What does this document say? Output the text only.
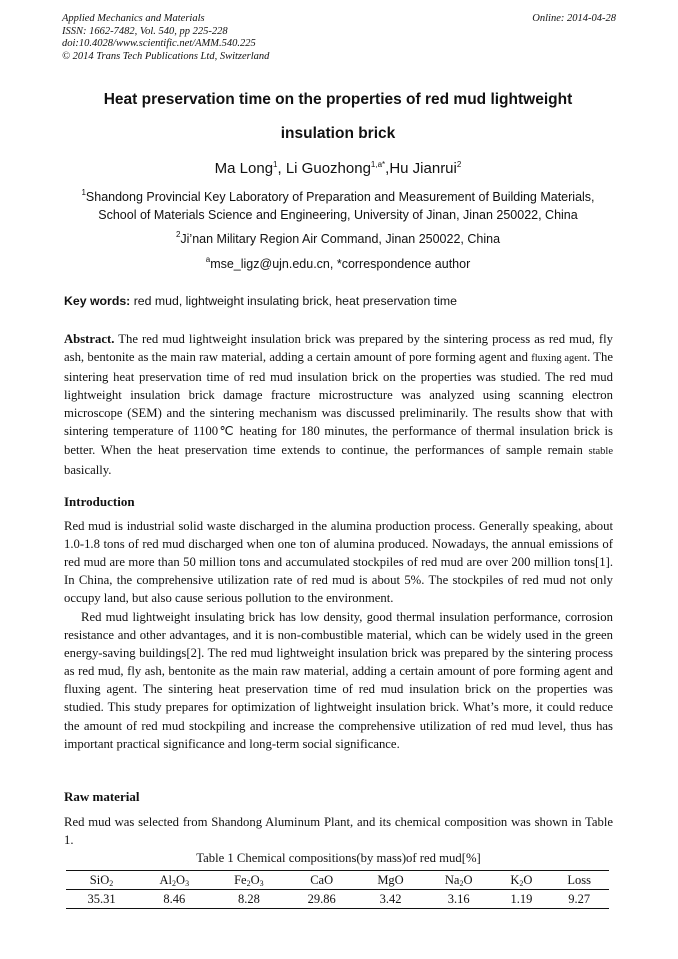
Applied Mechanics and Materials
ISSN: 1662-7482, Vol. 540, pp 225-228
doi:10.4028/www.scientific.net/AMM.540.225
© 2014 Trans Tech Publications Ltd, Switzerland
Online: 2014-04-28
Heat preservation time on the properties of red mud lightweight
insulation brick
Ma Long$^1$, Li Guozhong$^{1,a*}$,Hu Jianrui$^2$
$^1$Shandong Provincial Key Laboratory of Preparation and Measurement of Building Materials,
School of Materials Science and Engineering, University of Jinan, Jinan 250022, China
$^2$Ji’nan Military Region Air Command, Jinan 250022, China
$^a$mse_ligz@ujn.edu.cn, *correspondence author
Key words: red mud, lightweight insulating brick, heat preservation time

Abstract. The red mud lightweight insulation brick was prepared by the sintering process as red mud, fly ash, bentonite as the main raw material, adding a certain amount of pore forming agent and fluxing agent. The sintering heat preservation time of red mud insulation brick on the properties was studied. The red mud lightweight insulation brick damage fracture microstructure was analyzed using scanning electron microscope (SEM) and the sintering mechanism was discussed preliminarily. The results show that with sintering temperature of 1100℃ heating for 180 minutes, the performance of thermal insulation brick is better. When the heat preservation time extends to continue, the performances of sample remain stable basically.

Introduction

Red mud is industrial solid waste discharged in the alumina production process. Generally speaking, about 1.0-1.8 tons of red mud discharged when one ton of alumina produced. Nowadays, the annual emissions of red mud are more than 50 million tons and accumulated stockpiles of red mud are over 200 million tons[1]. In China, the comprehensive utilization rate of red mud is about 5%. The stockpiles of red mud not only occupy land, but also cause serious pollution to the environment.

Red mud lightweight insulating brick has low density, good thermal insulation performance, corrosion resistance and other advantages, and it is non-combustible material, which can be widely used in the green energy-saving buildings[2]. The red mud lightweight insulation brick was prepared by the sintering process as red mud, fly ash, bentonite as the main raw material, adding a certain amount of pore forming agent and fluxing agent. The sintering heat preservation time of red mud insulation brick on the properties was studied. This study prepares for optimization of lightweight insulation brick. What’s more, it could reduce the amount of red mud stockpiling and increase the comprehensive utilization of red mud level, thus has important practical significance and long-term social significance.

Raw material

Red mud was selected from Shandong Aluminum Plant, and its chemical composition was shown in Table 1.

Table 1 Chemical compositions(by mass)of red mud[%]
SiO$_2$	$Al_2O_3$	$Fe_2O_3$	CaO	MgO	$Na_2O$	$K_2O$	Loss
35.31	8.46	8.28	29.86	3.42	3.16	1.19	9.27
